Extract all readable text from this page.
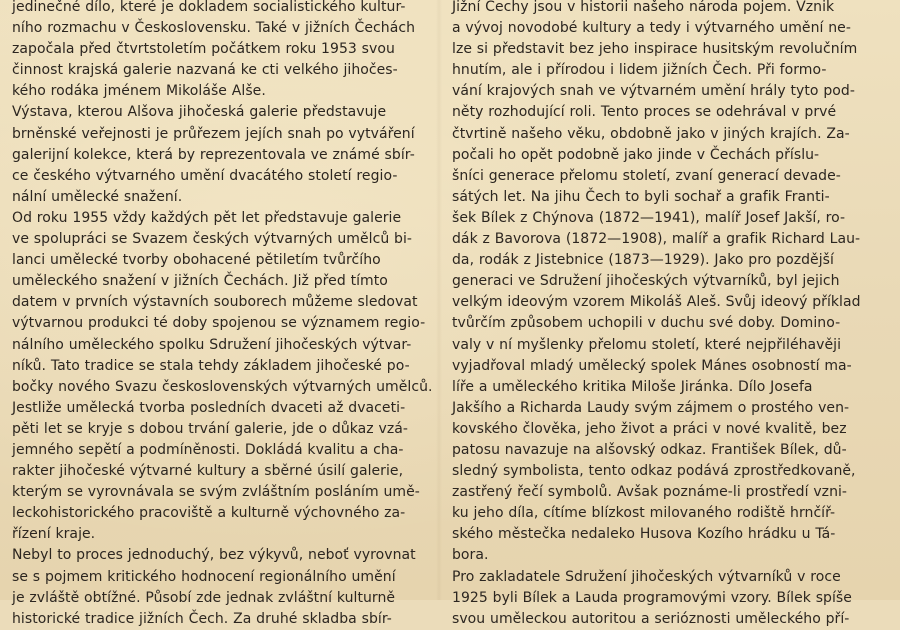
jedinečné dílo, které je dokladem socialistického kultur-
ního rozmachu v Československu. Také v jižních Čechách
započala před čtvrtstoletím počátkem roku 1953 svou
činnost krajská galerie nazvaná ke cti velkého jihočes-
kého rodáka jménem Mikoláše Alše.
Výstava, kterou Alšova jihočeská galerie představuje
brněnské veřejnosti je průřezem jejích snah po vytváření
galerijní kolekce, která by reprezentovala ve známé sbír-
ce českého výtvarného umění dvacátého století regio-
nální umělecké snažení.
Od roku 1955 vždy každých pět let představuje galerie
ve spolupráci se Svazem českých výtvarných umělců bi-
lanci umělecké tvorby obohacené pětiletím tvůrčího
uměleckého snažení v jižních Čechách. Již před tímto
datem v prvních výstavních souborech můžeme sledovat
výtvarnou produkci té doby spojenou se významem regio-
nálního uměleckého spolku Sdružení jihočeských výtvar-
níků. Tato tradice se stala tehdy základem jihočeské po-
bočky nového Svazu československých výtvarných umělců.
Jestliže umělecká tvorba posledních dvaceti až dvaceti-
pěti let se kryje s dobou trvání galerie, jde o důkaz vzá-
jemného sepětí a podmíněnosti. Dokládá kvalitu a cha-
rakter jihočeské výtvarné kultury a sběrné úsilí galerie,
kterým se vyrovnávala se svým zvláštním posláním umě-
leckohistorického pracoviště a kulturně výchovného za-
řízení kraje.
Nebyl to proces jednoduchý, bez výkyvů, neboť vyrovnat
se s pojmem kritického hodnocení regionálního umění
je zvláště obtížné. Působí zde jednak zvláštní kulturně
historické tradice jižních Čech. Za druhé skladba sbír-
Jižní Čechy jsou v historii našeho národa pojem. Vznik
a vývoj novodobé kultury a tedy i výtvarného umění ne-
lze si představit bez jeho inspirace husitským revolučním
hnutím, ale i přírodou i lidem jižních Čech. Při formo-
vání krajových snah ve výtvarném umění hrály tyto pod-
něty rozhodující roli. Tento proces se odehrával v prvé
čtvrtině našeho věku, obdobně jako v jiných krajích. Za-
počali ho opět podobně jako jinde v Čechách příslu-
šníci generace přelomu století, zvaní generací devade-
sátých let. Na jihu Čech to byli sochař a grafik Franti-
šek Bílek z Chýnova (1872—1941), malíř Josef Jakší, ro-
dák z Bavorova (1872—1908), malíř a grafik Richard Lau-
da, rodák z Jistebnice (1873—1929). Jako pro pozdější
generaci ve Sdružení jihočeských výtvarníků, byl jejich
velkým ideovým vzorem Mikoláš Aleš. Svůj ideový příklad
tvůrčím způsobem uchopili v duchu své doby. Domino-
valy v ní myšlenky přelomu století, které nejpřiléhavěji
vyjadřoval mladý umělecký spolek Mánes osobností ma-
líře a uměleckého kritika Miloše Jiránka. Dílo Josefa
Jakšího a Richarda Laudy svým zájmem o prostého ven-
kovského člověka, jeho život a práci v nové kvalitě, bez
patosu navazuje na alšovský odkaz. František Bílek, dů-
sledný symbolista, tento odkaz podává zprostředkovaně,
zastřený řečí symbolů. Avšak poznáme-li prostředí vzni-
ku jeho díla, cítíme blízkost milovaného rodiště hrnčíř-
ského městečka nedaleko Husova Kozího hrádku u Tá-
bora.
Pro zakladatele Sdružení jihočeských výtvarníků v roce
1925 byli Bílek a Lauda programovými vzory. Bílek spíše
svou uměleckou autoritou a serióznosti uměleckého pří-
